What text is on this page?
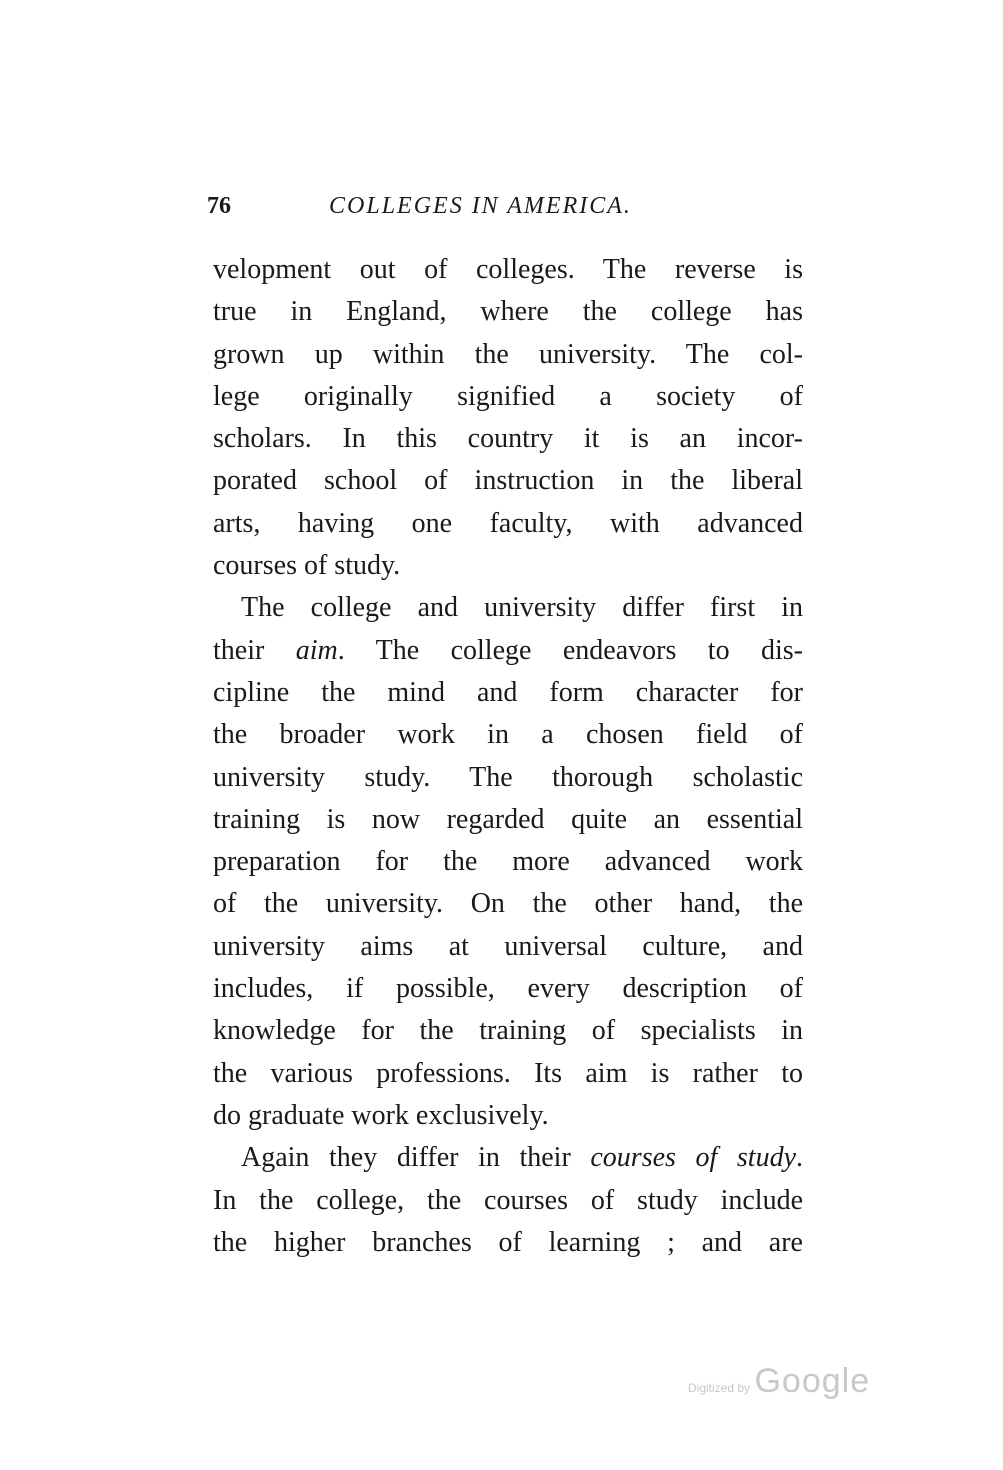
76	COLLEGES IN AMERICA.
velopment out of colleges. The reverse is
true in England, where the college has
grown up within the university. The col-
lege originally signified a society of
scholars. In this country it is an incor-
porated school of instruction in the liberal
arts, having one faculty, with advanced
courses of study.
The college and university differ first in
their aim. The college endeavors to dis-
cipline the mind and form character for
the broader work in a chosen field of
university study. The thorough scholastic
training is now regarded quite an essential
preparation for the more advanced work
of the university. On the other hand, the
university aims at universal culture, and
includes, if possible, every description of
knowledge for the training of specialists in
the various professions. Its aim is rather to
do graduate work exclusively.
Again they differ in their courses of study.
In the college, the courses of study include
the higher branches of learning ; and are
Digitized by Google
